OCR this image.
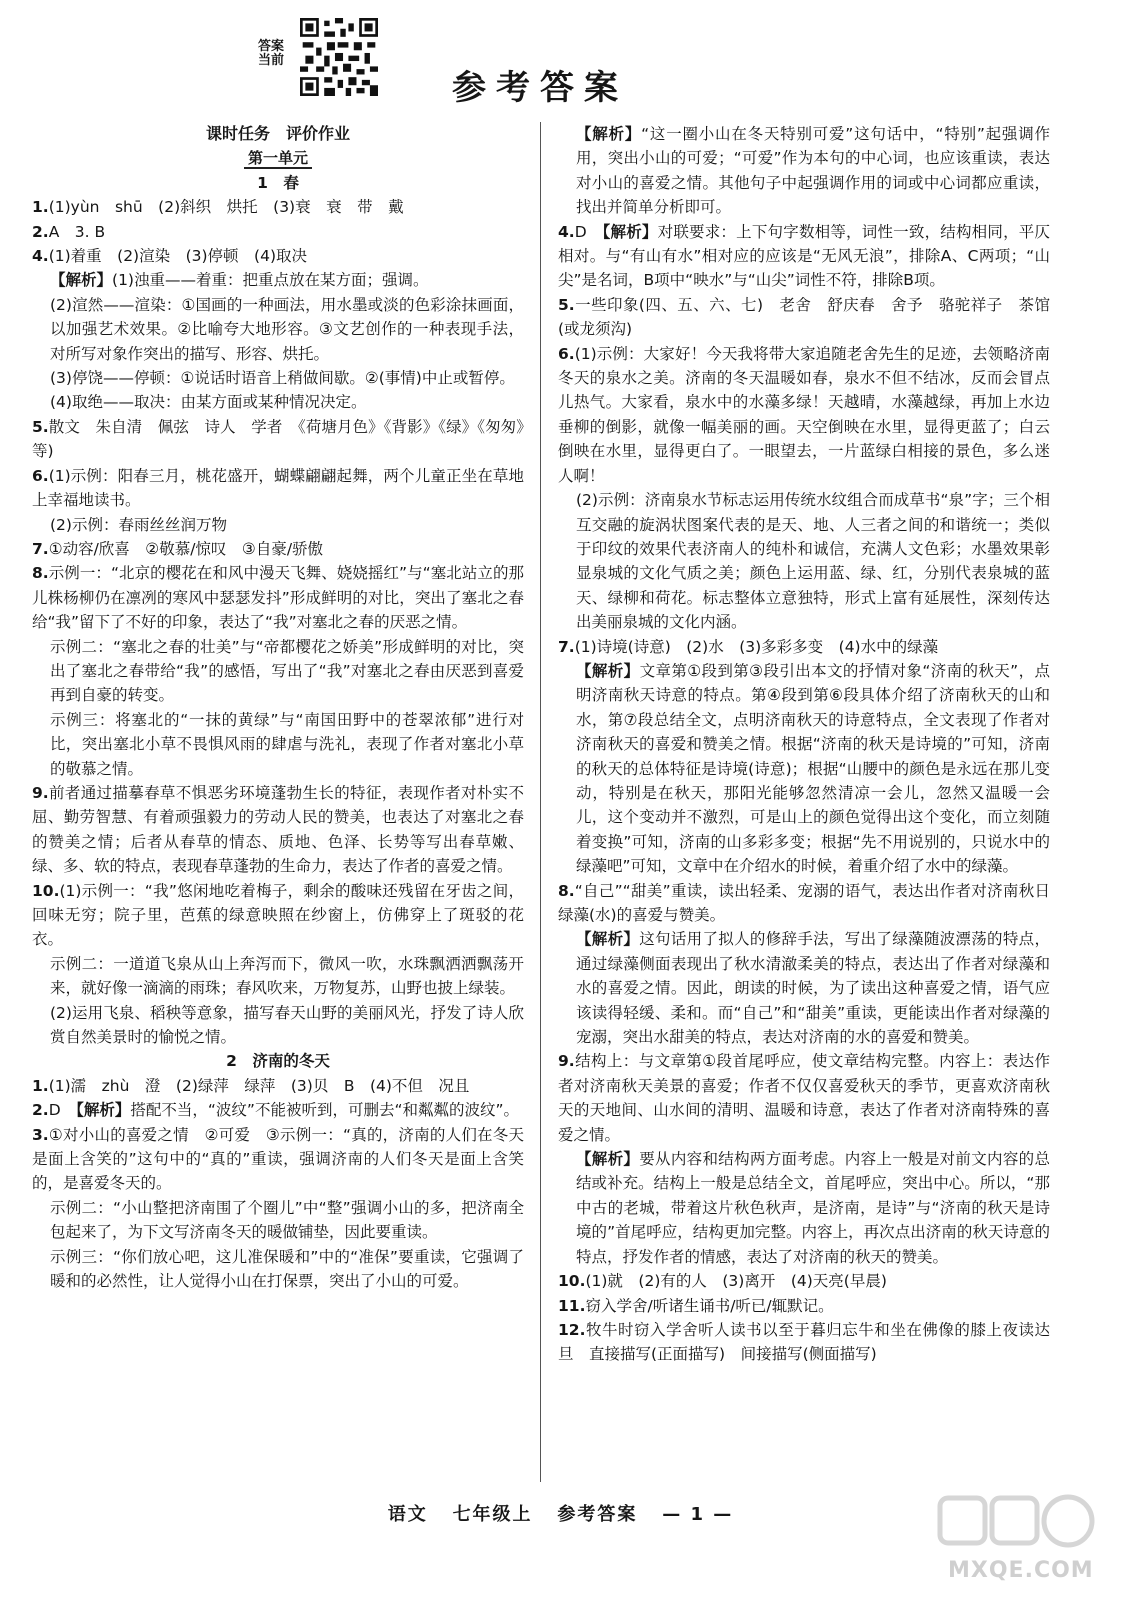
答案当前
参考答案
课时任务　评价作业
第一单元
1　春
1.(1)yùn　shū　(2)斜织　烘托　(3)衰　衰　带　戴
2.A　3. B
4.(1)着重　(2)渲染　(3)停顿　(4)取决
【解析】(1)浊重——着重：把重点放在某方面；强调。
(2)渲然——渲染：①国画的一种画法，用水墨或淡的色彩涂抹画面，以加强艺术效果。②比喻夸大地形容。③文艺创作的一种表现手法，对所写对象作突出的描写、形容、烘托。
(3)停饶——停顿：①说话时语音上稍做间歇。②(事情)中止或暂停。
(4)取绝——取决：由某方面或某种情况决定。
5.散文　朱自清　佩弦　诗人　学者　《荷塘月色》《背影》《绿》《匆匆》等)
6.(1)示例：阳春三月，桃花盛开，蝴蝶翩翩起舞，两个儿童正坐在草地上幸福地读书。
(2)示例：春雨丝丝润万物
7.①动容/欣喜　②敬慕/惊叹　③自豪/骄傲
8.示例一：“北京的樱花在和风中漫天飞舞、娆娆摇红”与“塞北站立的那儿株杨柳仍在凛冽的寒风中瑟瑟发抖”形成鲜明的对比，突出了塞北之春给“我”留下了不好的印象，表达了“我”对塞北之春的厌恶之情。
示例二：“塞北之春的壮美”与“帝都樱花之娇美”形成鲜明的对比，突出了塞北之春带给“我”的感悟，写出了“我”对塞北之春由厌恶到喜爱再到自豪的转变。
示例三：将塞北的“一抹的黄绿”与“南国田野中的苍翠浓郁”进行对比，突出塞北小草不畏惧风雨的肆虐与洗礼，表现了作者对塞北小草的敬慕之情。
9.前者通过描摹春草不惧恶劣环境蓬勃生长的特征，表现作者对朴实不屈、勤劳智慧、有着顽强毅力的劳动人民的赞美，也表达了对塞北之春的赞美之情；后者从春草的情态、质地、色泽、长势等写出春草嫩、绿、多、软的特点，表现春草蓬勃的生命力，表达了作者的喜爱之情。
10.(1)示例一：“我”悠闲地吃着梅子，剩余的酸味还残留在牙齿之间，回味无穷；院子里，芭蕉的绿意映照在纱窗上，仿佛穿上了斑驳的花衣。
示例二：一道道飞泉从山上奔泻而下，微风一吹，水珠飘洒洒飘荡开来，就好像一滴滴的雨珠；春风吹来，万物复苏，山野也披上绿装。
(2)运用飞泉、稻秧等意象，描写春天山野的美丽风光，抒发了诗人欣赏自然美景时的愉悦之情。
2　济南的冬天
1.(1)濡　zhù　澄　(2)绿萍　绿萍　(3)贝　B　(4)不但　况且
2.D　【解析】搭配不当，“波纹”不能被听到，可删去“和粼粼的波纹”。
3.①对小山的喜爱之情　②可爱　③示例一：“真的，济南的人们在冬天是面上含笑的”这句中的“真的”重读，强调济南的人们冬天是面上含笑的，是喜爱冬天的。
示例二：“小山整把济南围了个圈儿”中“整”强调小山的多，把济南全包起来了，为下文写济南冬天的暖做铺垫，因此要重读。
示例三：“你们放心吧，这儿准保暖和”中的“准保”要重读，它强调了暖和的必然性，让人觉得小山在打保票，突出了小山的可爱。
【解析】“这一圈小山在冬天特别可爱”这句话中，“特别”起强调作用，突出小山的可爱；“可爱”作为本句的中心词，也应该重读，表达对小山的喜爱之情。其他句子中起强调作用的词或中心词都应重读，找出并简单分析即可。
4.D　【解析】对联要求：上下句字数相等，词性一致，结构相同，平仄相对。与“有山有水”相对应的应该是“无风无浪”，排除A、C两项；“山尖”是名词，B项中“映水”与“山尖”词性不符，排除B项。
5.一些印象(四、五、六、七)　老舍　舒庆春　舍予　骆驼祥子　茶馆(或龙须沟)
6.(1)示例：大家好！今天我将带大家追随老舍先生的足迹，去领略济南冬天的泉水之美。济南的冬天温暖如春，泉水不但不结冰，反而会冒点儿热气。大家看，泉水中的水藻多绿！天越晴，水藻越绿，再加上水边垂柳的倒影，就像一幅美丽的画。天空倒映在水里，显得更蓝了；白云倒映在水里，显得更白了。一眼望去，一片蓝绿白相接的景色，多么迷人啊！
(2)示例：济南泉水节标志运用传统水纹组合而成草书“泉”字；三个相互交融的旋涡状图案代表的是天、地、人三者之间的和谐统一；类似于印纹的效果代表济南人的纯朴和诚信，充满人文色彩；水墨效果彰显泉城的文化气质之美；颜色上运用蓝、绿、红，分别代表泉城的蓝天、绿柳和荷花。标志整体立意独特，形式上富有延展性，深刻传达出美丽泉城的文化内涵。
7.(1)诗境(诗意)　(2)水　(3)多彩多变　(4)水中的绿藻
【解析】文章第①段到第③段引出本文的抒情对象“济南的秋天”，点明济南秋天诗意的特点。第④段到第⑥段具体介绍了济南秋天的山和水，第⑦段总结全文，点明济南秋天的诗意特点，全文表现了作者对济南秋天的喜爱和赞美之情。根据“济南的秋天是诗境的”可知，济南的秋天的总体特征是诗境(诗意)；根据“山腰中的颜色是永远在那儿变动，特别是在秋天，那阳光能够忽然清凉一会儿，忽然又温暖一会儿，这个变动并不激烈，可是山上的颜色觉得出这个变化，而立刻随着变换”可知，济南的山多彩多变；根据“先不用说别的，只说水中的绿藻吧”可知，文章中在介绍水的时候，着重介绍了水中的绿藻。
8.“自己”“甜美”重读，读出轻柔、宠溺的语气，表达出作者对济南秋日绿藻(水)的喜爱与赞美。
【解析】这句话用了拟人的修辞手法，写出了绿藻随波漂荡的特点，通过绿藻侧面表现出了秋水清澈柔美的特点，表达出了作者对绿藻和水的喜爱之情。因此，朗读的时候，为了读出这种喜爱之情，语气应该读得轻缓、柔和。而“自己”和“甜美”重读，更能读出作者对绿藻的宠溺，突出水甜美的特点，表达对济南的水的喜爱和赞美。
9.结构上：与文章第①段首尾呼应，使文章结构完整。内容上：表达作者对济南秋天美景的喜爱；作者不仅仅喜爱秋天的季节，更喜欢济南秋天的天地间、山水间的清明、温暖和诗意，表达了作者对济南特殊的喜爱之情。
【解析】要从内容和结构两方面考虑。内容上一般是对前文内容的总结或补充。结构上一般是总结全文，首尾呼应，突出中心。所以，“那中古的老城，带着这片秋色秋声，是济南，是诗”与“济南的秋天是诗境的”首尾呼应，结构更加完整。内容上，再次点出济南的秋天诗意的特点，抒发作者的情感，表达了对济南的秋天的赞美。
10.(1)就　(2)有的人　(3)离开　(4)天亮(早晨)
11.窃入学舍/听诸生诵书/听已/辄默记。
12.牧牛时窃入学舍听人读书以至于暮归忘牛和坐在佛像的膝上夜读达旦　直接描写(正面描写)　间接描写(侧面描写)
语文 七年级上 参考答案 — 1 —
MXQE.COM
